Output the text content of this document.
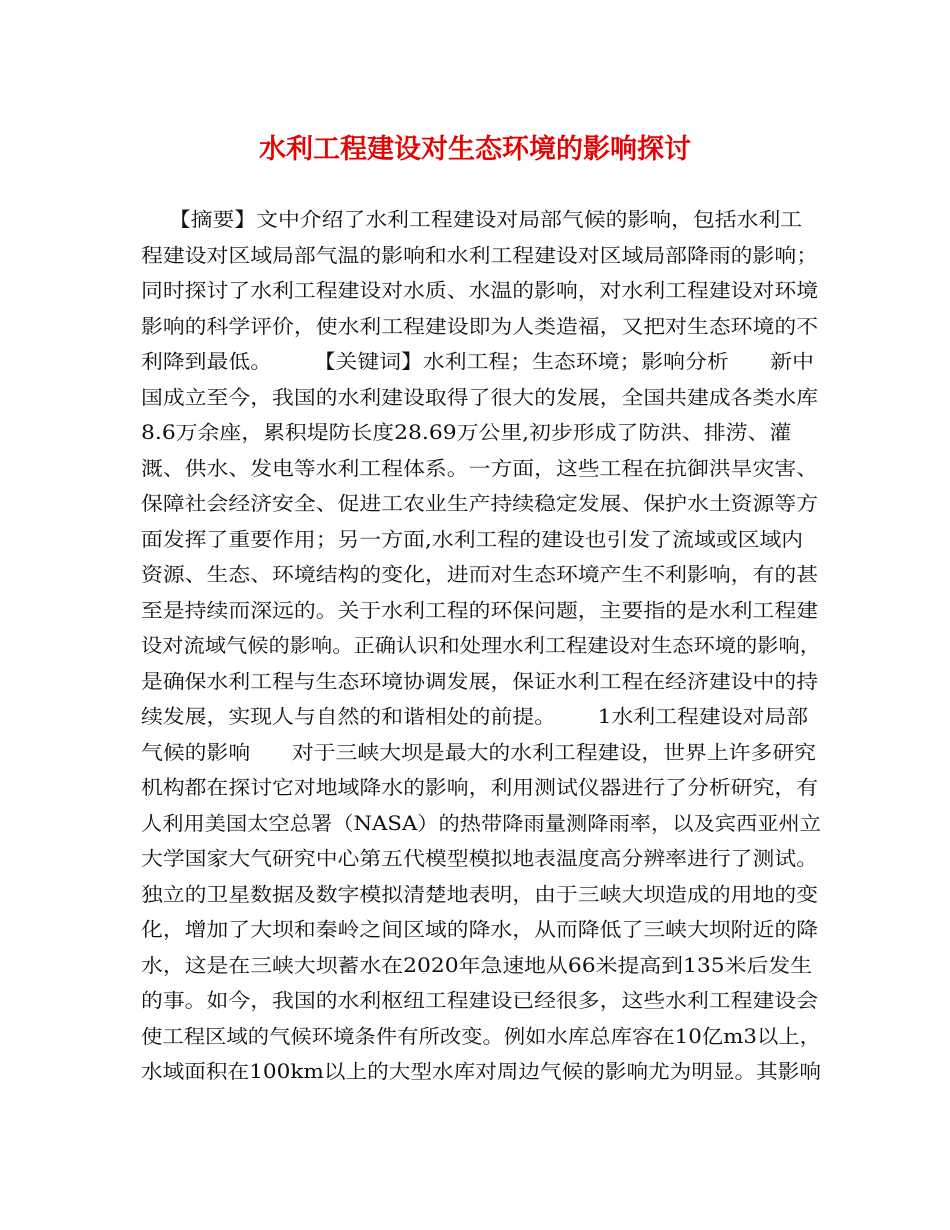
水利工程建设对生态环境的影响探讨
【摘要】文中介绍了水利工程建设对局部气候的影响，包括水利工
程建设对区域局部气温的影响和水利工程建设对区域局部降雨的影响；
同时探讨了水利工程建设对水质、水温的影响，对水利工程建设对环境
影响的科学评价，使水利工程建设即为人类造福，又把对生态环境的不
利降到最低。      【关键词】水利工程；生态环境；影响分析      新中
国成立至今，我国的水利建设取得了很大的发展，全国共建成各类水库
8.6万余座，累积堤防长度28.69万公里,初步形成了防洪、排涝、灌
溉、供水、发电等水利工程体系。一方面，这些工程在抗御洪旱灾害、
保障社会经济安全、促进工农业生产持续稳定发展、保护水土资源等方
面发挥了重要作用；另一方面,水利工程的建设也引发了流域或区域内
资源、生态、环境结构的变化，进而对生态环境产生不利影响，有的甚
至是持续而深远的。关于水利工程的环保问题，主要指的是水利工程建
设对流域气候的影响。正确认识和处理水利工程建设对生态环境的影响，
是确保水利工程与生态环境协调发展，保证水利工程在经济建设中的持
续发展，实现人与自然的和谐相处的前提。      1水利工程建设对局部
气候的影响      对于三峡大坝是最大的水利工程建设，世界上许多研究
机构都在探讨它对地域降水的影响，利用测试仪器进行了分析研究，有
人利用美国太空总署（NASA）的热带降雨量测降雨率，以及宾西亚州立
大学国家大气研究中心第五代模型模拟地表温度高分辨率进行了测试。
独立的卫星数据及数字模拟清楚地表明，由于三峡大坝造成的用地的变
化，增加了大坝和秦岭之间区域的降水，从而降低了三峡大坝附近的降
水，这是在三峡大坝蓄水在2020年急速地从66米提高到135米后发生
的事。如今，我国的水利枢纽工程建设已经很多，这些水利工程建设会
使工程区域的气候环境条件有所改变。例如水库总库容在10亿m3以上，
水域面积在100km以上的大型水库对周边气候的影响尤为明显。其影响
